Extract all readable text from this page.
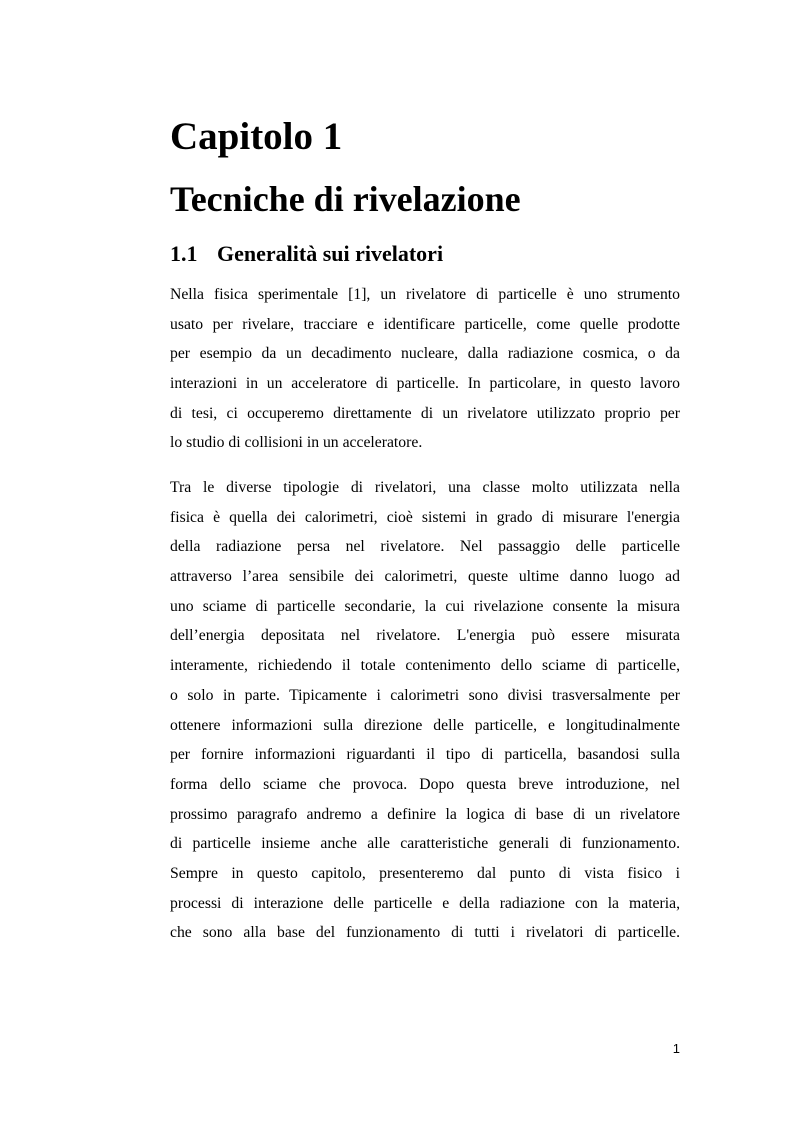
Capitolo 1
Tecniche di rivelazione
1.1 Generalità sui rivelatori

Nella fisica sperimentale [1], un rivelatore di particelle è uno strumento
usato per rivelare, tracciare e identificare particelle, come quelle prodotte
per esempio da un decadimento nucleare, dalla radiazione cosmica, o da
interazioni in un acceleratore di particelle. In particolare, in questo lavoro
di tesi, ci occuperemo direttamente di un rivelatore utilizzato proprio per
lo studio di collisioni in un acceleratore.

Tra le diverse tipologie di rivelatori, una classe molto utilizzata nella
fisica è quella dei calorimetri, cioè sistemi in grado di misurare l'energia
della radiazione persa nel rivelatore. Nel passaggio delle particelle
attraverso l’area sensibile dei calorimetri, queste ultime danno luogo ad
uno sciame di particelle secondarie, la cui rivelazione consente la misura
dell’energia depositata nel rivelatore. L'energia può essere misurata
interamente, richiedendo il totale contenimento dello sciame di particelle,
o solo in parte. Tipicamente i calorimetri sono divisi trasversalmente per
ottenere informazioni sulla direzione delle particelle, e longitudinalmente
per fornire informazioni riguardanti il tipo di particella, basandosi sulla
forma dello sciame che provoca. Dopo questa breve introduzione, nel
prossimo paragrafo andremo a definire la logica di base di un rivelatore
di particelle insieme anche alle caratteristiche generali di funzionamento.
Sempre in questo capitolo, presenteremo dal punto di vista fisico i
processi di interazione delle particelle e della radiazione con la materia,
che sono alla base del funzionamento di tutti i rivelatori di particelle.

1
